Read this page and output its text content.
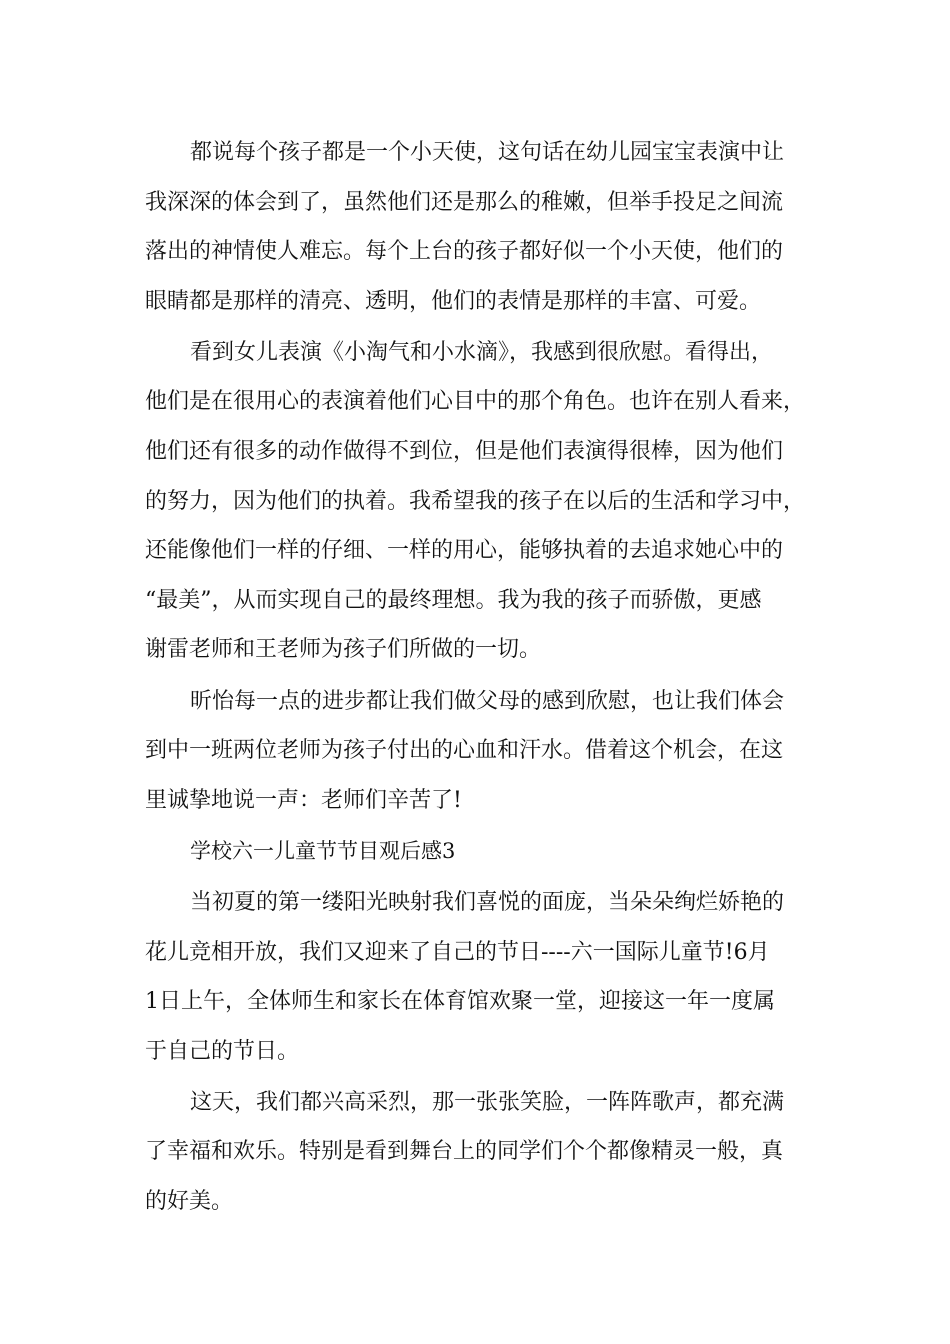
都说每个孩子都是一个小天使，这句话在幼儿园宝宝表演中让
我深深的体会到了，虽然他们还是那么的稚嫩，但举手投足之间流
落出的神情使人难忘。每个上台的孩子都好似一个小天使，他们的
眼睛都是那样的清亮、透明，他们的表情是那样的丰富、可爱。
看到女儿表演《小淘气和小水滴》，我感到很欣慰。看得出，
他们是在很用心的表演着他们心目中的那个角色。也许在别人看来，
他们还有很多的动作做得不到位，但是他们表演得很棒，因为他们
的努力，因为他们的执着。我希望我的孩子在以后的生活和学习中，
还能像他们一样的仔细、一样的用心，能够执着的去追求她心中的
“最美”，从而实现自己的最终理想。我为我的孩子而骄傲，更感
谢雷老师和王老师为孩子们所做的一切。
昕怡每一点的进步都让我们做父母的感到欣慰，也让我们体会
到中一班两位老师为孩子付出的心血和汗水。借着这个机会，在这
里诚挚地说一声：老师们辛苦了!
学校六一儿童节节目观后感3
当初夏的第一缕阳光映射我们喜悦的面庞，当朵朵绚烂娇艳的
花儿竞相开放，我们又迎来了自己的节日----六一国际儿童节!6月
1日上午，全体师生和家长在体育馆欢聚一堂，迎接这一年一度属
于自己的节日。
这天，我们都兴高采烈，那一张张笑脸，一阵阵歌声，都充满
了幸福和欢乐。特别是看到舞台上的同学们个个都像精灵一般，真
的好美。
